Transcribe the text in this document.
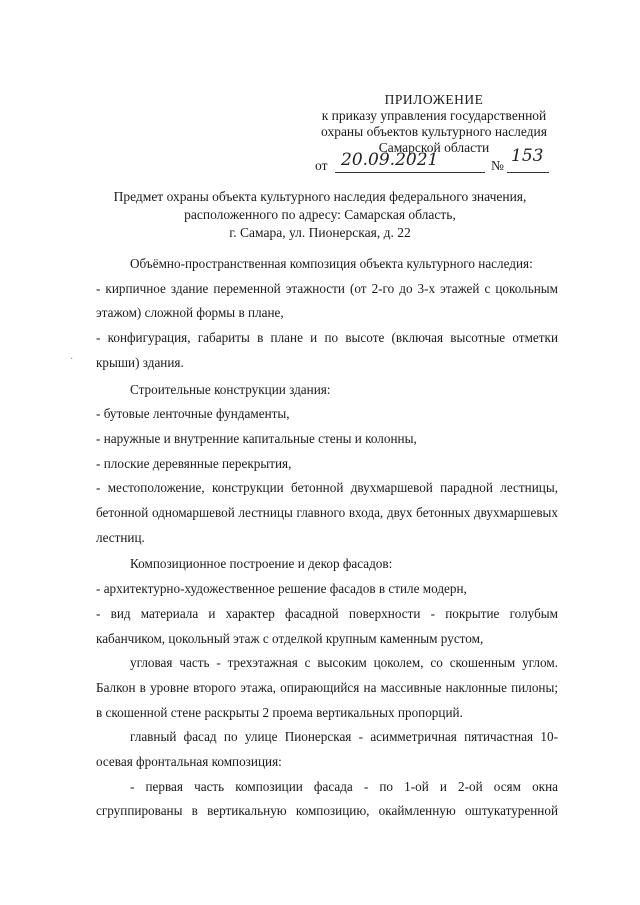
ПРИЛОЖЕНИЕ
к приказу управления государственной
охраны объектов культурного наследия
Самарской области
от 20.09.2021	№ 153
Предмет охраны объекта культурного наследия федерального значения,
расположенного по адресу: Самарская область,
г. Самара, ул. Пионерская, д. 22
·

Объёмно-пространственная композиция объекта культурного наследия:

- кирпичное здание переменной этажности (от 2-го до 3-х этажей с цокольным этажом) сложной формы в плане,

- конфигурация, габариты в плане и по высоте (включая высотные отметки крыши) здания.

Строительные конструкции здания:

- бутовые ленточные фундаменты,

- наружные и внутренние капитальные стены и колонны,

- плоские деревянные перекрытия,

- местоположение, конструкции бетонной двухмаршевой парадной лестницы, бетонной одномаршевой лестницы главного входа, двух бетонных двухмаршевых лестниц.

Композиционное построение и декор фасадов:

- архитектурно-художественное решение фасадов в стиле модерн,

- вид материала и характер фасадной поверхности - покрытие голубым кабанчиком, цокольный этаж с отделкой крупным каменным рустом,

угловая часть - трехэтажная с высоким цоколем, со скошенным углом. Балкон в уровне второго этажа, опирающийся на массивные наклонные пилоны; в скошенной стене раскрыты 2 проема вертикальных пропорций.

главный фасад по улице Пионерская - асимметричная пятичастная 10-осевая фронтальная композиция:

- первая часть композиции фасада - по 1-ой и 2-ой осям окна сгруппированы в вертикальную композицию, окаймленную оштукатуренной
